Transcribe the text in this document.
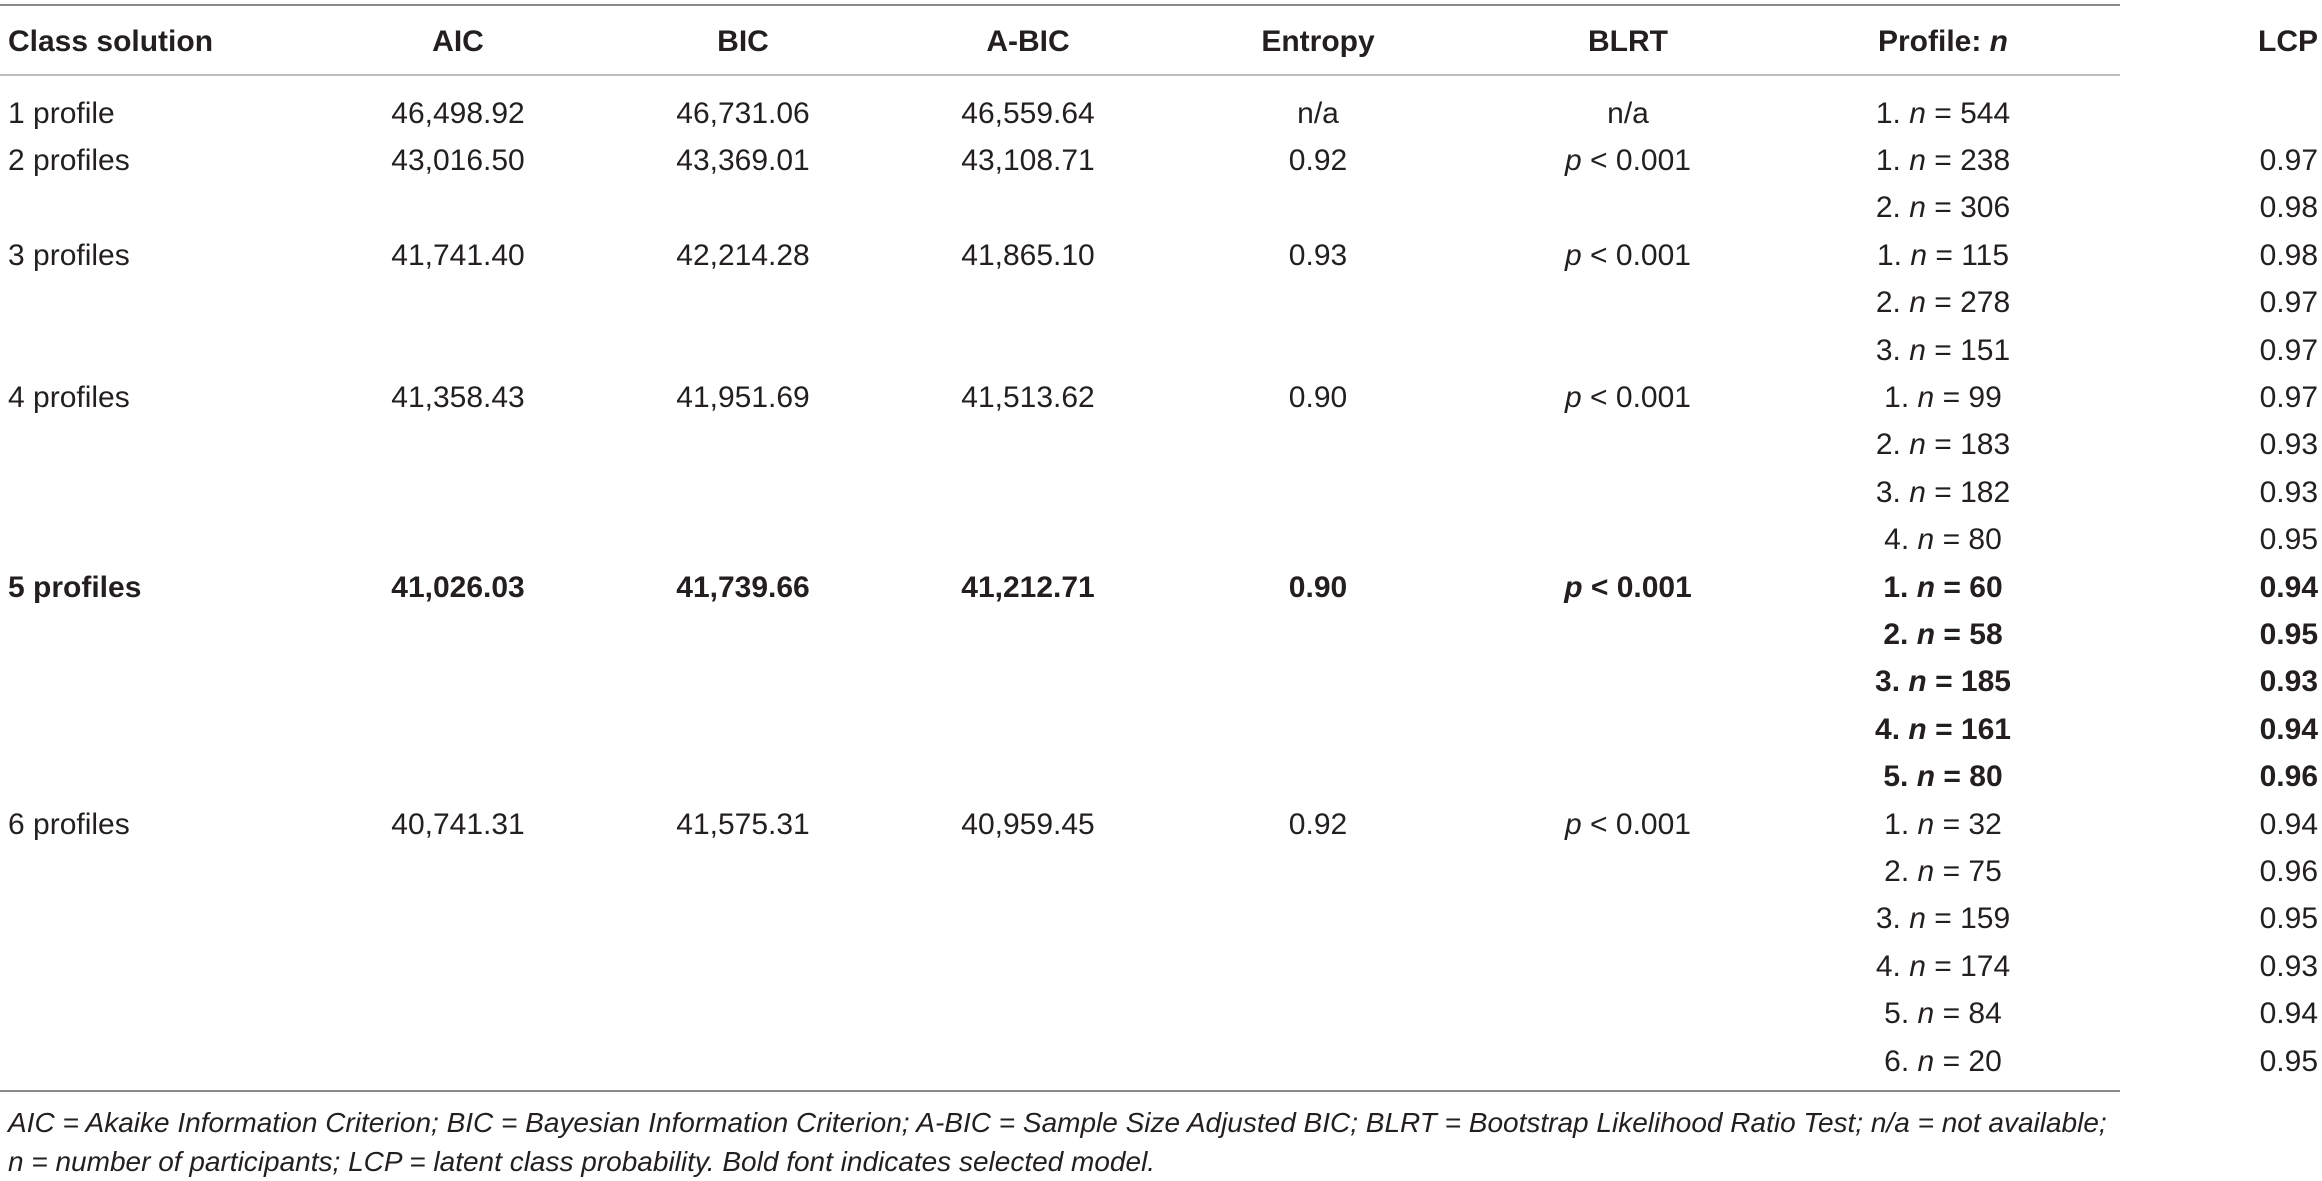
Class solution	AIC	BIC	A-BIC	Entropy	BLRT	Profile: n	LCP
1 profile	46,498.92	46,731.06	46,559.64	n/a	n/a	1. n = 544	
2 profiles	43,016.50	43,369.01	43,108.71	0.92	p < 0.001	1. n = 238	0.97
						2. n = 306	0.98
3 profiles	41,741.40	42,214.28	41,865.10	0.93	p < 0.001	1. n = 115	0.98
						2. n = 278	0.97
						3. n = 151	0.97
4 profiles	41,358.43	41,951.69	41,513.62	0.90	p < 0.001	1. n = 99	0.97
						2. n = 183	0.93
						3. n = 182	0.93
						4. n = 80	0.95
5 profiles	41,026.03	41,739.66	41,212.71	0.90	p < 0.001	1. n = 60	0.94
						2. n = 58	0.95
						3. n = 185	0.93
						4. n = 161	0.94
						5. n = 80	0.96
6 profiles	40,741.31	41,575.31	40,959.45	0.92	p < 0.001	1. n = 32	0.94
						2. n = 75	0.96
						3. n = 159	0.95
						4. n = 174	0.93
						5. n = 84	0.94
						6. n = 20	0.95
AIC = Akaike Information Criterion; BIC = Bayesian Information Criterion; A-BIC = Sample Size Adjusted BIC; BLRT = Bootstrap Likelihood Ratio Test; n/a = not available;
n = number of participants; LCP = latent class probability. Bold font indicates selected model.
